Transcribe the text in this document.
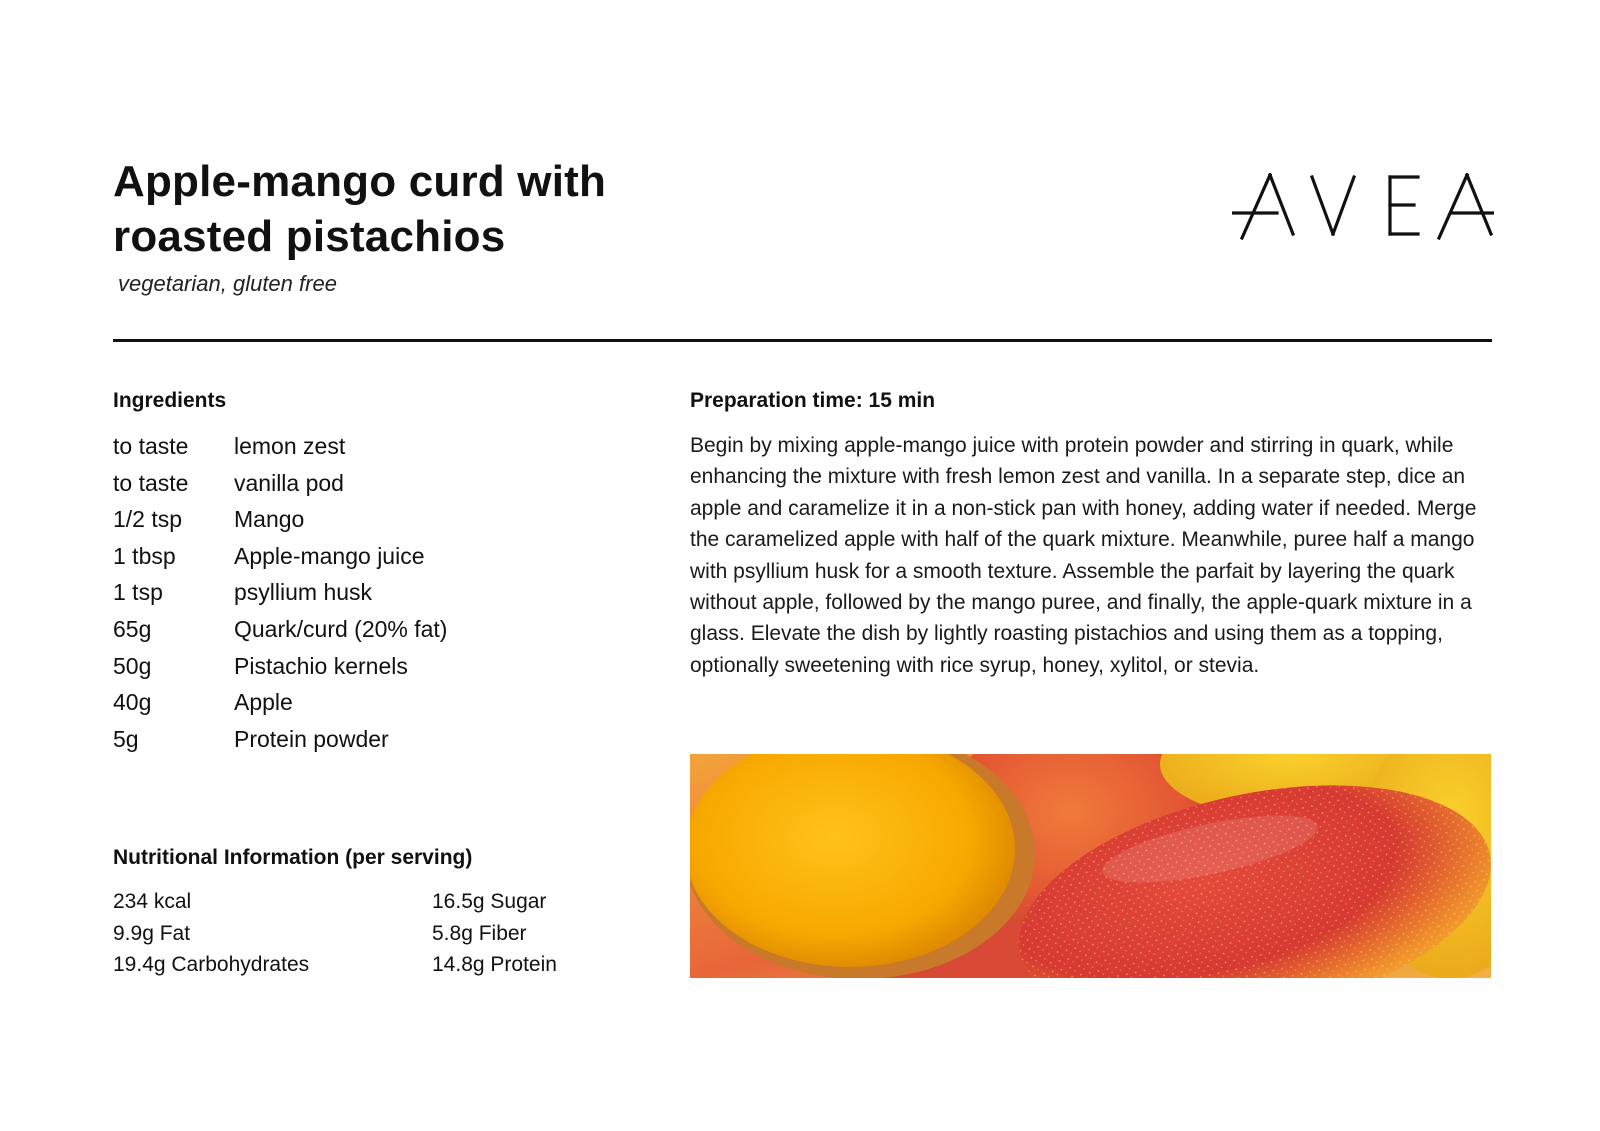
Apple-mango curd with roasted pistachios

vegetarian, gluten free

Ingredients
to taste	lemon zest
to taste	vanilla pod
1/2 tsp	Mango
1 tbsp	Apple-mango juice
1 tsp	psyllium husk
65g	Quark/curd (20% fat)
50g	Pistachio kernels
40g	Apple
5g	Protein powder
Nutritional Information (per serving)
234 kcal	16.5g Sugar
9.9g Fat	5.8g Fiber
19.4g Carbohydrates	14.8g Protein
Preparation time: 15 min

Begin by mixing apple-mango juice with protein powder and stirring in quark, while enhancing the mixture with fresh lemon zest and vanilla. In a separate step, dice an apple and caramelize it in a non-stick pan with honey, adding water if needed. Merge the caramelized apple with half of the quark mixture. Meanwhile, puree half a mango with psyllium husk for a smooth texture. Assemble the parfait by layering the quark without apple, followed by the mango puree, and finally, the apple-quark mixture in a glass. Elevate the dish by lightly roasting pistachios and using them as a topping, optionally sweetening with rice syrup, honey, xylitol, or stevia.
